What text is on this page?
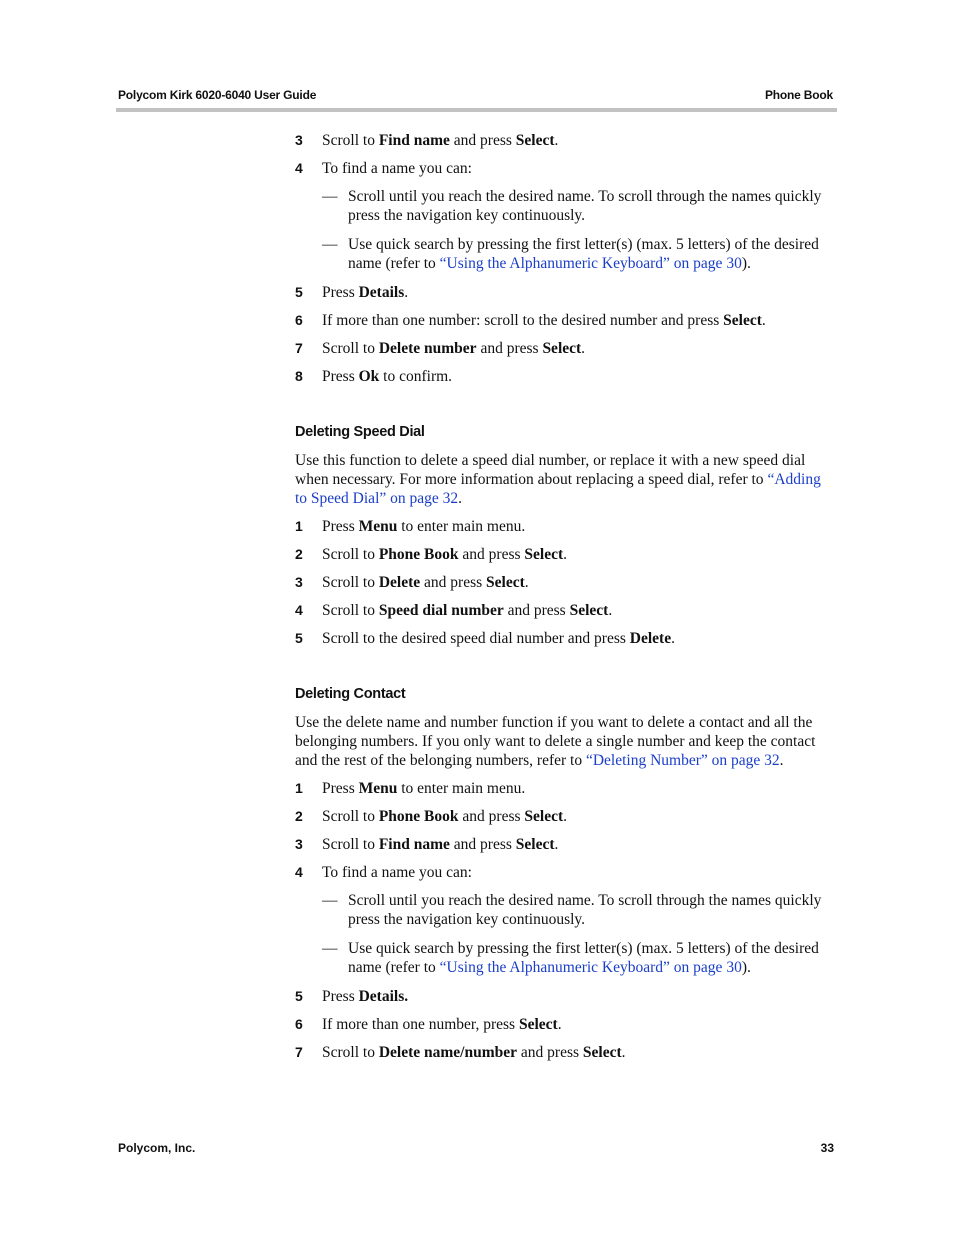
Polycom Kirk 6020-6040 User Guide	Phone Book
3 Scroll to Find name and press Select.
4 To find a name you can:
— Scroll until you reach the desired name. To scroll through the names quickly press the navigation key continuously.
— Use quick search by pressing the first letter(s) (max. 5 letters) of the desired name (refer to “Using the Alphanumeric Keyboard” on page 30).
5 Press Details.
6 If more than one number: scroll to the desired number and press Select.
7 Scroll to Delete number and press Select.
8 Press Ok to confirm.
Deleting Speed Dial
Use this function to delete a speed dial number, or replace it with a new speed dial when necessary. For more information about replacing a speed dial, refer to “Adding to Speed Dial” on page 32.
1 Press Menu to enter main menu.
2 Scroll to Phone Book and press Select.
3 Scroll to Delete and press Select.
4 Scroll to Speed dial number and press Select.
5 Scroll to the desired speed dial number and press Delete.
Deleting Contact
Use the delete name and number function if you want to delete a contact and all the belonging numbers. If you only want to delete a single number and keep the contact and the rest of the belonging numbers, refer to “Deleting Number” on page 32.
1 Press Menu to enter main menu.
2 Scroll to Phone Book and press Select.
3 Scroll to Find name and press Select.
4 To find a name you can:
— Scroll until you reach the desired name. To scroll through the names quickly press the navigation key continuously.
— Use quick search by pressing the first letter(s) (max. 5 letters) of the desired name (refer to “Using the Alphanumeric Keyboard” on page 30).
5 Press Details.
6 If more than one number, press Select.
7 Scroll to Delete name/number and press Select.
Polycom, Inc.	33
